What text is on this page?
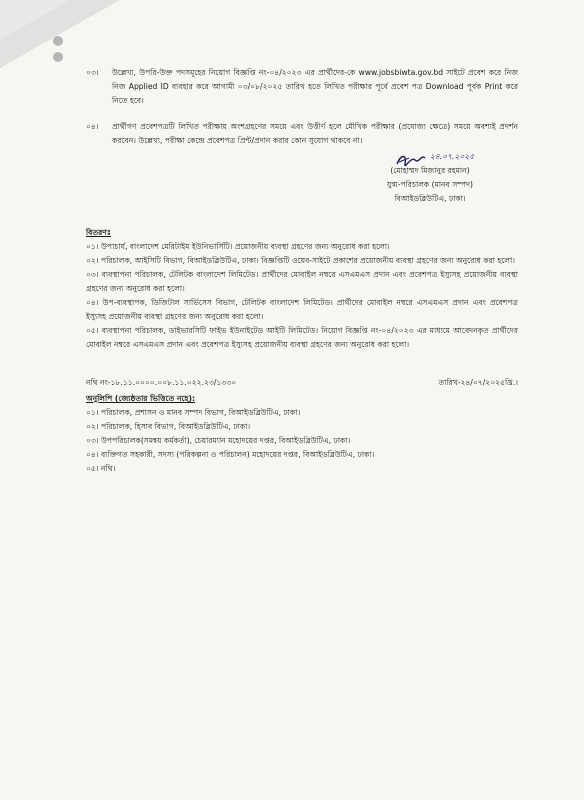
০৩।	উল্লেখ্য, উপরি-উক্ত পদসমূহের নিয়োগ বিজ্ঞপ্তি নং-০৪/২০২৩ এর প্রার্থীদের-কে www.jobsbiwta.gov.bd সাইটে প্রবেশ করে নিজ নিজ Applied ID ব্যবহার করে আগামী ০৩/০৮/২০২৫ তারিখ হতে লিখিত পরীক্ষার পূর্বে প্রবেশ পত্র Download পূর্বক Print করে নিতে হবে।
০৪।	প্রার্থীগণ প্রবেশপত্রটি লিখিত পরীক্ষায় অংশগ্রহণের সময়ে এবং উত্তীর্ণ হলে মৌখিক পরীক্ষার (প্রযোজ্য ক্ষেত্রে) সময়ে অবশ্যই প্রদর্শন করবেন। উল্লেখ্য, পরীক্ষা কেন্দ্রে প্রবেশপত্র প্রিন্ট/প্রদান করার কোন সুযোগ থাকবে না।
২৪.০৭.২০২৫
(মোহাম্মদ মিজানুর রহমান)
যুগ্ম-পরিচালক (মানব সম্পদ)
বিআইডব্লিউটিএ, ঢাকা।
বিতরণঃ
০১। উপাচার্য, বাংলাদেশ মেরিটাইম ইউনিভার্সিটি। প্রয়োজনীয় ব্যবস্থা গ্রহণের জন্য অনুরোধ করা হলো।
০২। পরিচালক, আইসিটি বিভাগ, বিআইডব্লিউটিএ, ঢাকা। বিজ্ঞপ্তিটি ওয়েব-সাইটে প্রকাশের প্রয়োজনীয় ব্যবস্থা গ্রহণের জন্য অনুরোধ করা হলো।
০৩। ব্যবস্থাপনা পরিচালক, টেলিটক বাংলাদেশ লিমিটেড। প্রার্থীদের মোবাইল নম্বরে এসএমএস প্রদান এবং প্রবেশপত্র ইস্যুসহ প্রয়োজনীয় ব্যবস্থা গ্রহণের জন্য অনুরোধ করা হলো।
০৪। উপ-ব্যবস্থাপক, ডিজিটাল সার্ভিসেস বিভাগ, টেলিটক বাংলাদেশ লিমিটেড। প্রার্থীদের মোবাইল নম্বরে এসএমএস প্রদান এবং প্রবেশপত্র ইস্যুসহ প্রয়োজনীয় ব্যবস্থা গ্রহণের জন্য অনুরোধ করা হলো।
০৫। ব্যবস্থাপনা পরিচালক, ডাইভারসিটি ফাইভ ইউনাইটেড আইটি লিমিটেড। নিয়োগ বিজ্ঞপ্তি নং-০৪/২০২৩ এর মাধ্যমে আবেদনকৃত প্রার্থীদের মোবাইল নম্বরে এসএমএস প্রদান এবং প্রবেশপত্র ইস্যুসহ প্রয়োজনীয় ব্যবস্থা গ্রহণের জন্য অনুরোধ করা হলো।
নথি নং-১৮.১১.০০০০.০০৮.১১.০২২.২৩/১৩৩০	তারিখ-২৪/০৭/২০২৫খ্রি.।
অনুলিপি (জ্যেষ্ঠতার ভিত্তিতে নহে):
০১। পরিচালক, প্রশাসন ও মানব সম্পদ বিভাগ, বিআইডব্লিউটিএ, ঢাকা।
০২। পরিচালক, হিসাব বিভাগ, বিআইডব্লিউটিএ, ঢাকা।
০৩। উপপরিচালক(সমন্বয় কর্মকর্তা), চেয়ারম্যান মহোদয়ের দপ্তর, বিআইডব্লিউটিএ, ঢাকা।
০৪। ব্যক্তিগত সহকারী, সদস্য (পরিকল্পনা ও পরিচালন) মহোদয়ের দপ্তর, বিআইডব্লিউটিএ, ঢাকা।
০৫। নথি।
